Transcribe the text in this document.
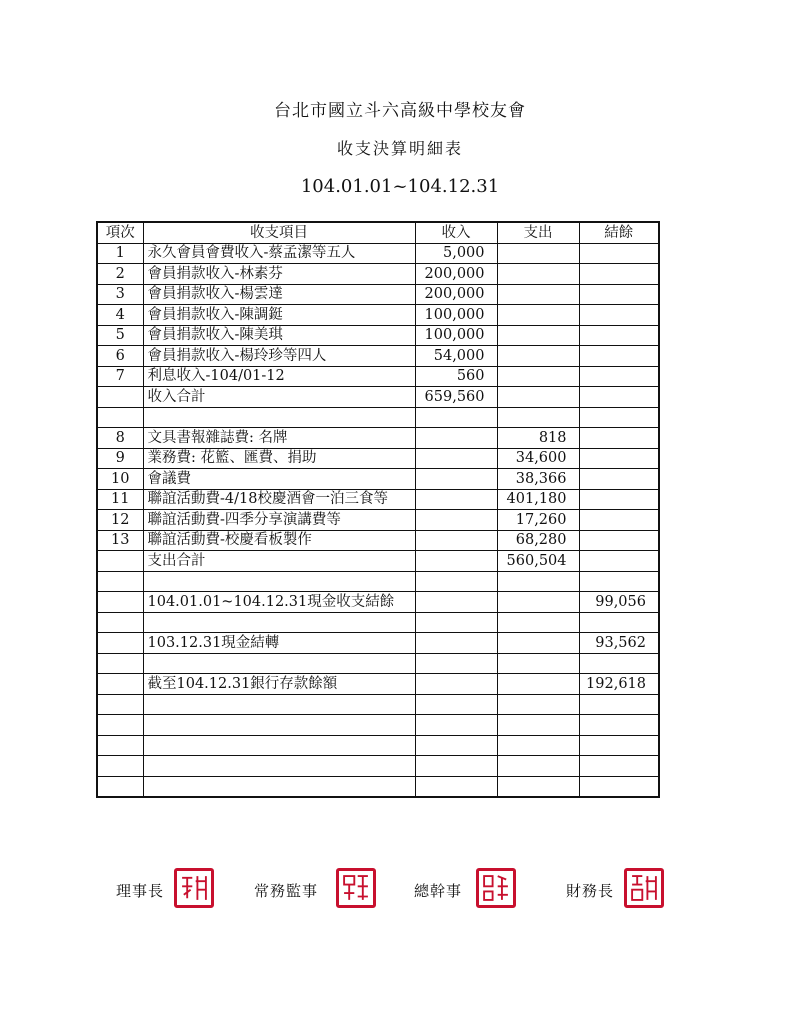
台北市國立斗六高級中學校友會
收支決算明細表
104.01.01~104.12.31
項次	收支項目	收入	支出	結餘
1	永久會員會費收入-蔡孟潔等五人	5,000		
2	會員捐款收入-林素芬	200,000		
3	會員捐款收入-楊雲達	200,000		
4	會員捐款收入-陳調鋌	100,000		
5	會員捐款收入-陳美琪	100,000		
6	會員捐款收入-楊玲珍等四人	54,000		
7	利息收入-104/01-12	560		
	收入合計	659,560		

8	文具書報雜誌費: 名牌		818	
9	業務費: 花籃、匯費、捐助		34,600	
10	會議費		38,366	
11	聯誼活動費-4/18校慶酒會一泊三食等		401,180	
12	聯誼活動費-四季分享演講費等		17,260	
13	聯誼活動費-校慶看板製作		68,280	
	支出合計		560,504	

	104.01.01~104.12.31現金收支結餘			99,056

	103.12.31現金結轉			93,562

	截至104.12.31銀行存款餘額			192,618

理事長	常務監事	總幹事	財務長
